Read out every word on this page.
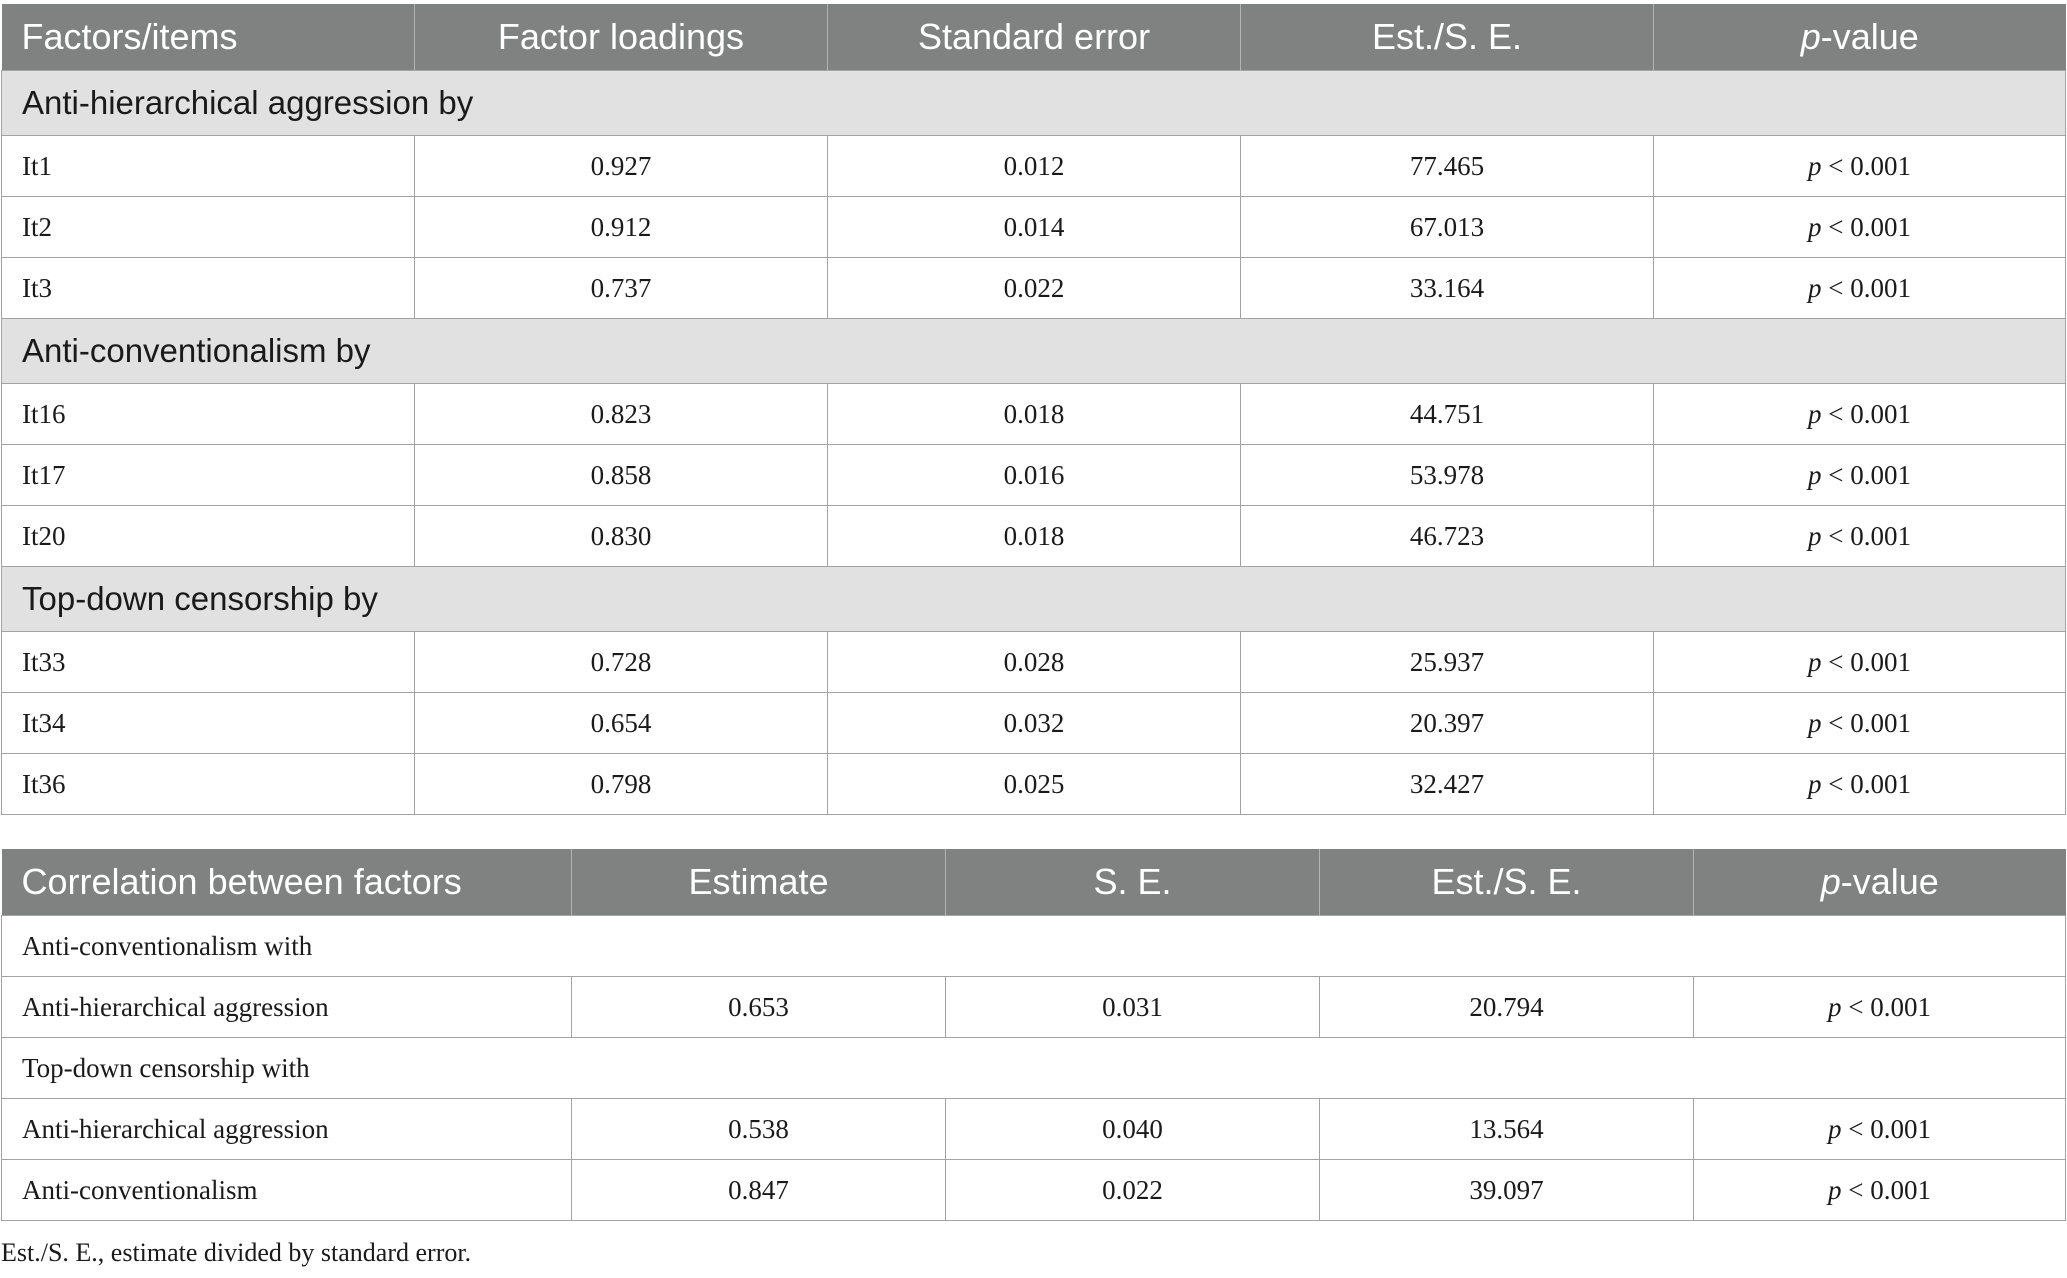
Factors/items	Factor loadings	Standard error	Est./S. E.	p-value
Anti-hierarchical aggression by				
It1	0.927	0.012	77.465	p < 0.001
It2	0.912	0.014	67.013	p < 0.001
It3	0.737	0.022	33.164	p < 0.001
Anti-conventionalism by				
It16	0.823	0.018	44.751	p < 0.001
It17	0.858	0.016	53.978	p < 0.001
It20	0.830	0.018	46.723	p < 0.001
Top-down censorship by				
It33	0.728	0.028	25.937	p < 0.001
It34	0.654	0.032	20.397	p < 0.001
It36	0.798	0.025	32.427	p < 0.001
Correlation between factors	Estimate	S. E.	Est./S. E.	p-value
Anti-conventionalism with				
Anti-hierarchical aggression	0.653	0.031	20.794	p < 0.001
Top-down censorship with				
Anti-hierarchical aggression	0.538	0.040	13.564	p < 0.001
Anti-conventionalism	0.847	0.022	39.097	p < 0.001
Est./S. E., estimate divided by standard error.
